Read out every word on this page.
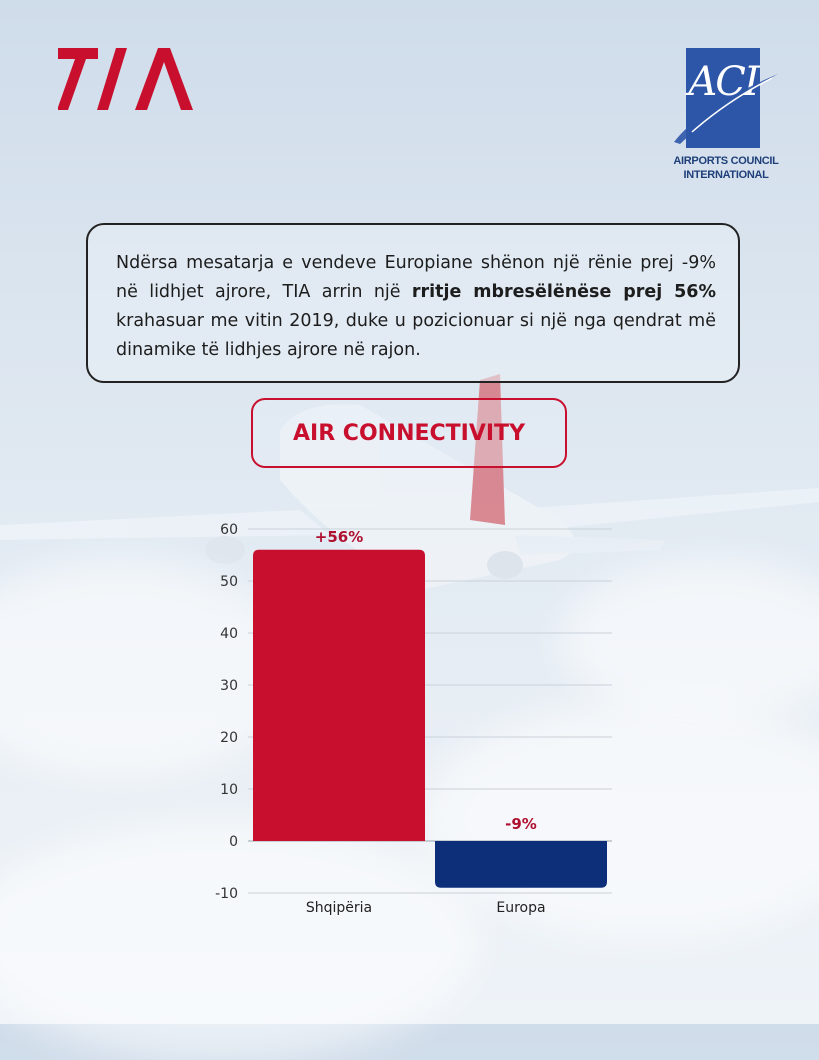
ACI
AIRPORTS COUNCIL
INTERNATIONAL
Ndërsa mesatarja e vendeve Europiane shënon një rënie prej -9% në lidhjet ajrore, TIA arrin një rritje mbresëlënëse prej 56% krahasuar me vitin 2019, duke u pozicionuar si një nga qendrat më dinamike të lidhjes ajrore në rajon.
AIR CONNECTIVITY
60
50
40
30
20
10
0
-10
+56%
Shqipëria
-9%
Europa
